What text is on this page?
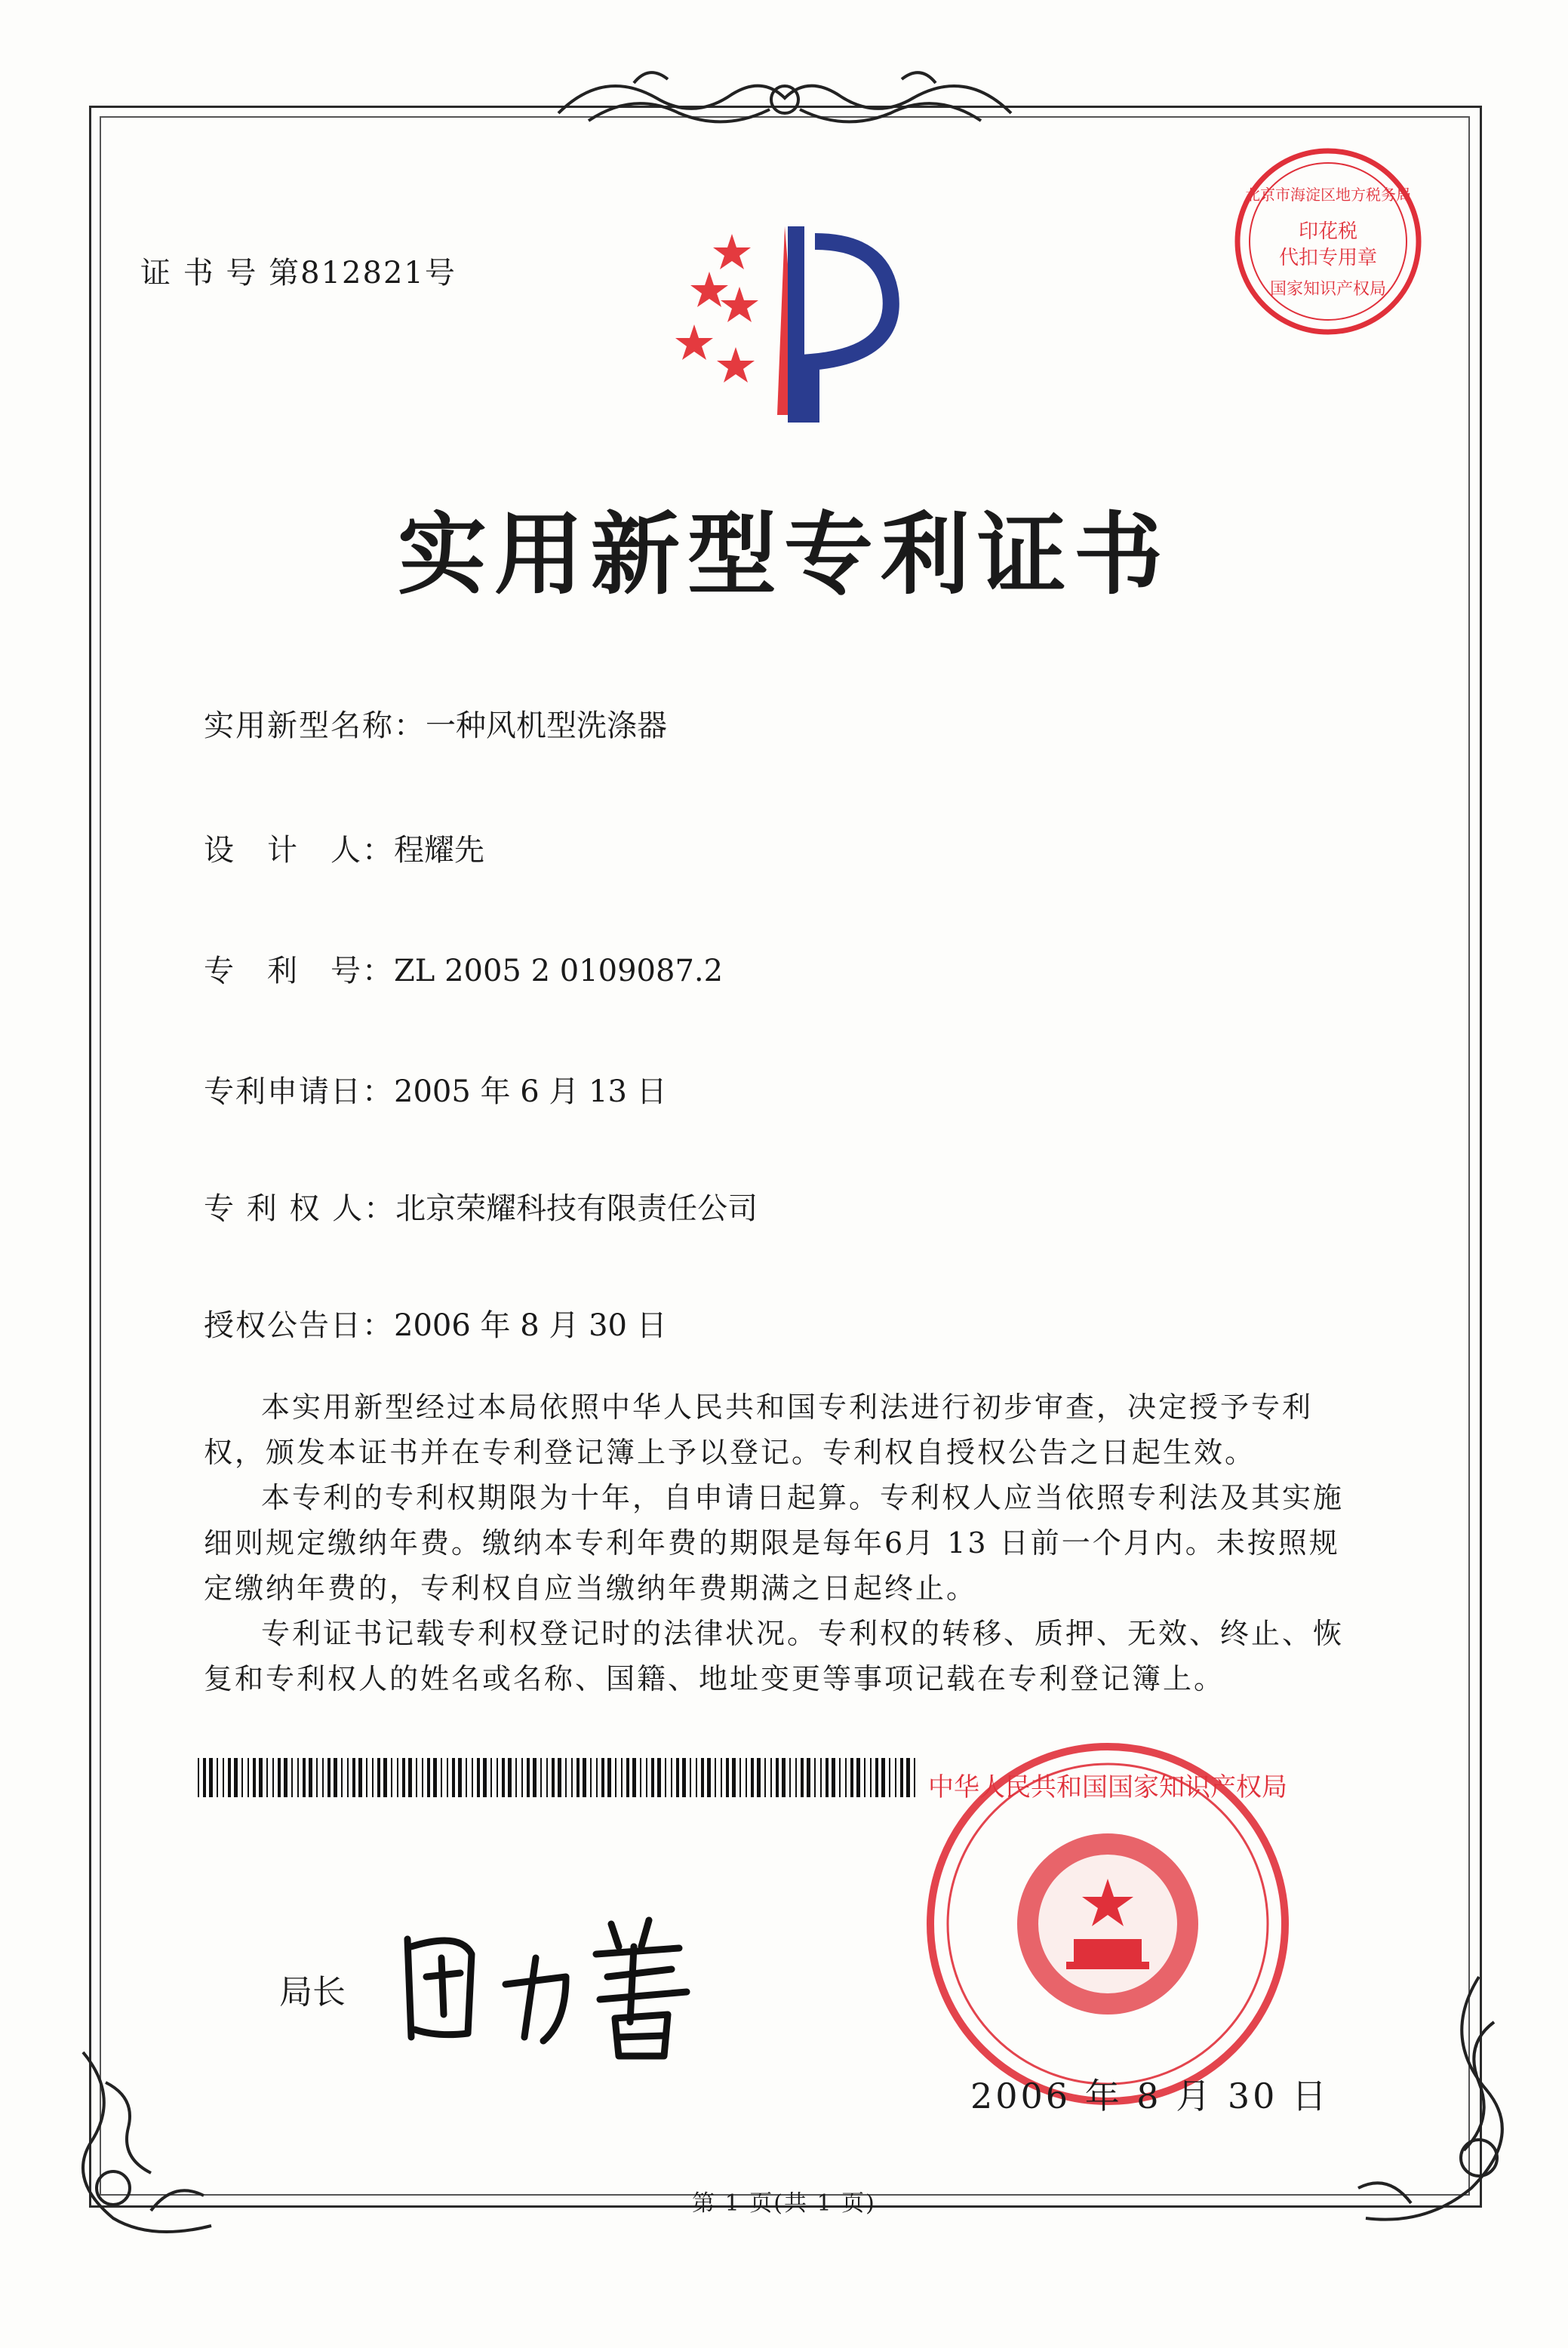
证 书 号 第812821号
印花税
代扣专用章
国家知识产权局
北京市海淀区地方税务局
实用新型专利证书
实用新型名称：一种风机型洗涤器
设　计　人：程耀先
专　利　号：ZL 2005 2 0109087.2
专利申请日：2005 年 6 月 13 日
专 利 权 人：北京荣耀科技有限责任公司
授权公告日：2006 年 8 月 30 日

本实用新型经过本局依照中华人民共和国专利法进行初步审查，决定授予专利权，颁发本证书并在专利登记簿上予以登记。专利权自授权公告之日起生效。

本专利的专利权期限为十年，自申请日起算。专利权人应当依照专利法及其实施细则规定缴纳年费。缴纳本专利年费的期限是每年6月 13 日前一个月内。未按照规定缴纳年费的，专利权自应当缴纳年费期满之日起终止。

专利证书记载专利权登记时的法律状况。专利权的转移、质押、无效、终止、恢复和专利权人的姓名或名称、国籍、地址变更等事项记载在专利登记簿上。

局长
中华人民共和国国家知识产权局
2006 年 8 月 30 日
第 1 页(共 1 页)
